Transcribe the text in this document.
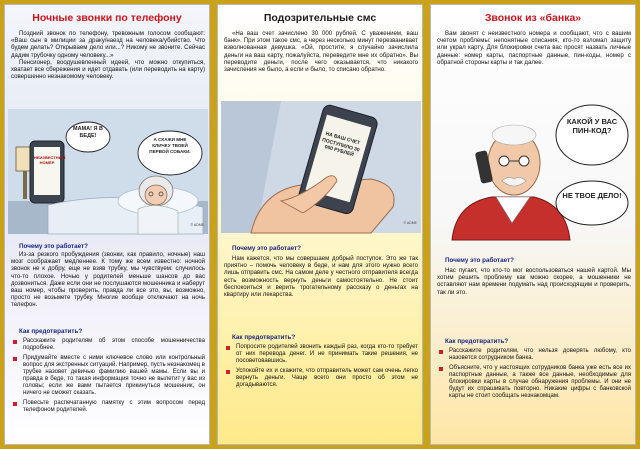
Ночные звонки по телефону

Поздний звонок по телефону, тревожным голосом сообщают: «Ваш сын в милиции за драку/наезд на человека/убийство. Что будем делать? Открываем дело или...? Никому не звоните. Сейчас дадим трубочку одному человеку...»

Пенсионер, воодушевленный идеей, что можно откупиться, хватает все сбережения и идет отдавать (или переводить на карту) совершенно незнакомому человеку.

НЕИЗВЕСТНЫЙ НОМЕР
МАМА! Я В БЕДЕ!
А СКАЖИ МНЕ КЛИЧКУ ТВОЕЙ ПЕРВОЙ СОБАКИ.
© ADME
Почему это работает?

Из-за резкого пробуждения (звонки, как правило, ночные) наш мозг соображает медленнее. К тому же всем известно: ночной звонок не к добру, еще не взяв трубку, мы чувствуем: случилось что-то плохое. Ночью у родителей меньше шансов до вас дозвониться. Даже если они не послушаются мошенника и наберут ваш номер, чтобы проверить, правда ли все это, вы, возможно, просто не возьмете трубку. Многие вообще отключают на ночь телефон.

Как предотвратить?
Расскажите родителям об этом способе мошенничества подробнее.
Придумайте вместе с ними ключевое слово или контрольный вопрос для экстренных ситуаций. Например, пусть незнакомец в трубке назовет девичью фамилию вашей мамы. Если вы и правда в беде, то такая информация точно не вылетит у вас из головы; если же вами пытается прикинуться мошенник, он ничего не сможет сказать.
Повесьте распечатанную памятку с этим вопросом перед телефоном родителей.
Подозрительные смс

«На ваш счет зачислено 30 000 рублей. С уважением, ваш банк». При этом такое смс, а через несколько минут перезванивает взволнованная девушка. «Ой, простите, я случайно зачислила деньги на ваш карту, пожалуйста, переведите мне их обратно». Вы переводите деньги, после чего оказывается, что никакого зачисления не было, а если и было, то списано обратно.

НА ВАШ СЧЕТ ПОСТУПИЛО 30 000 РУБЛЕЙ
© ADME
Почему это работает?

Нам кажется, что мы совершаем добрый поступок. Это же так приятно – помочь человеку в беде, и нам для этого нужно всего лишь отправить смс. На самом деле у честного отправителя всегда есть возможность вернуть деньги самостоятельно. Не стоит беспокоиться и верить трогательному рассказу о деньгах на квартиру или лекарства.

Как предотвратить?
Попросите родителей звонить каждый раз, когда кто-то требует от них перевода денег. И не принимать такие решения, не посоветовавшись.
Успокойте их и скажите, что отправитель может сам очень легко вернуть деньги. Чаще всего они просто об этом не догадываются.
Звонок из «банка»

Вам звонят с неизвестного номера и сообщают, что с вашим счетом проблемы: непонятные списания, кто-то взломал защиту или украл карту. Для блокировки счета вас просят назвать личные данные: номер карты, паспортные данные, пин-коды, номер с обратной стороны карты и так далее.

КАКОЙ У ВАС ПИН-КОД?
НЕ ТВОЕ ДЕЛО!
Почему это работает?

Нас пугает, что кто-то мог воспользоваться нашей картой. Мы хотим решить проблему как можно скорее, а мошенники не оставляют нам времени подумать над происходящим и проверить, так ли это.

Как предотвратить?
Расскажите родителям, что нельзя доверять любому, кто назовется сотрудником банка.
Объясните, что у настоящих сотрудников банка уже есть все их паспортные данные, а также все данные, необходимые для блокировки карты в случае обнаружения проблемы. И они не будут их спрашивать повторно. Никакие цифры с банковской карты не стоит сообщать незнакомцам.
